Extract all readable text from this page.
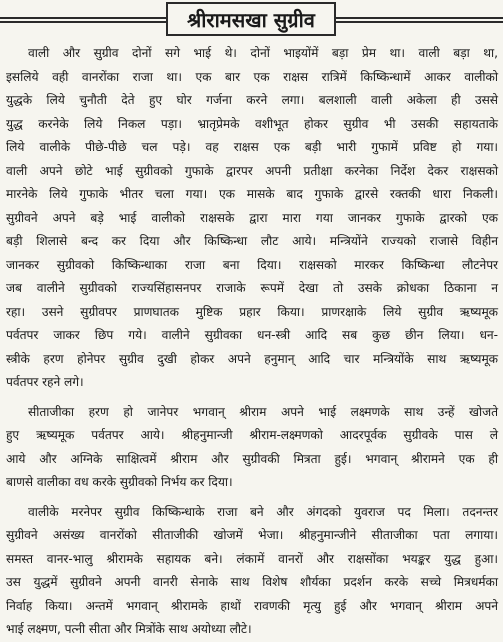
श्रीरामसखा सुग्रीव
वाली और सुग्रीव दोनों सगे भाई थे। दोनों भाइयोंमें बड़ा प्रेम था। वाली बड़ा था,
इसलिये वही वानरोंका राजा था। एक बार एक राक्षस रात्रिमें किष्किन्धामें आकर वालीको
युद्धके लिये चुनौती देते हुए घोर गर्जना करने लगा। बलशाली वाली अकेला ही उससे
युद्ध करनेके लिये निकल पड़ा। भ्रातृप्रेमके वशीभूत होकर सुग्रीव भी उसकी सहायताके
लिये वालीके पीछे-पीछे चल पड़े। वह राक्षस एक बड़ी भारी गुफामें प्रविष्ट हो गया।
वाली अपने छोटे भाई सुग्रीवको गुफाके द्वारपर अपनी प्रतीक्षा करनेका निर्देश देकर राक्षसको
मारनेके लिये गुफाके भीतर चला गया। एक मासके बाद गुफाके द्वारसे रक्तकी धारा निकली।
सुग्रीवने अपने बड़े भाई वालीको राक्षसके द्वारा मारा गया जानकर गुफाके द्वारको एक
बड़ी शिलासे बन्द कर दिया और किष्किन्धा लौट आये। मन्त्रियोंने राज्यको राजासे विहीन
जानकर सुग्रीवको किष्किन्धाका राजा बना दिया। राक्षसको मारकर किष्किन्धा लौटनेपर
जब वालीने सुग्रीवको राज्यसिंहासनपर राजाके रूपमें देखा तो उसके क्रोधका ठिकाना न
रहा। उसने सुग्रीवपर प्राणघातक मुष्टिक प्रहार किया। प्राणरक्षाके लिये सुग्रीव ऋष्यमूक
पर्वतपर जाकर छिप गये। वालीने सुग्रीवका धन-स्त्री आदि सब कुछ छीन लिया। धन-
स्त्रीके हरण होनेपर सुग्रीव दुखी होकर अपने हनुमान् आदि चार मन्त्रियोंके साथ ऋष्यमूक
पर्वतपर रहने लगे।
सीताजीका हरण हो जानेपर भगवान् श्रीराम अपने भाई लक्ष्मणके साथ उन्हें खोजते
हुए ऋष्यमूक पर्वतपर आये। श्रीहनुमान्जी श्रीराम-लक्ष्मणको आदरपूर्वक सुग्रीवके पास ले
आये और अग्निके साक्षित्वमें श्रीराम और सुग्रीवकी मित्रता हुई। भगवान् श्रीरामने एक ही
बाणसे वालीका वध करके सुग्रीवको निर्भय कर दिया।
वालीके मरनेपर सुग्रीव किष्किन्धाके राजा बने और अंगदको युवराज पद मिला। तदनन्तर
सुग्रीवने असंख्य वानरोंको सीताजीकी खोजमें भेजा। श्रीहनुमान्जीने सीताजीका पता लगाया।
समस्त वानर-भालु श्रीरामके सहायक बने। लंकामें वानरों और राक्षसोंका भयङ्कर युद्ध हुआ।
उस युद्धमें सुग्रीवने अपनी वानरी सेनाके साथ विशेष शौर्यका प्रदर्शन करके सच्चे मित्रधर्मका
निर्वाह किया। अन्तमें भगवान् श्रीरामके हाथों रावणकी मृत्यु हुई और भगवान् श्रीराम अपने
भाई लक्ष्मण, पत्नी सीता और मित्रोंके साथ अयोध्या लौटे।
